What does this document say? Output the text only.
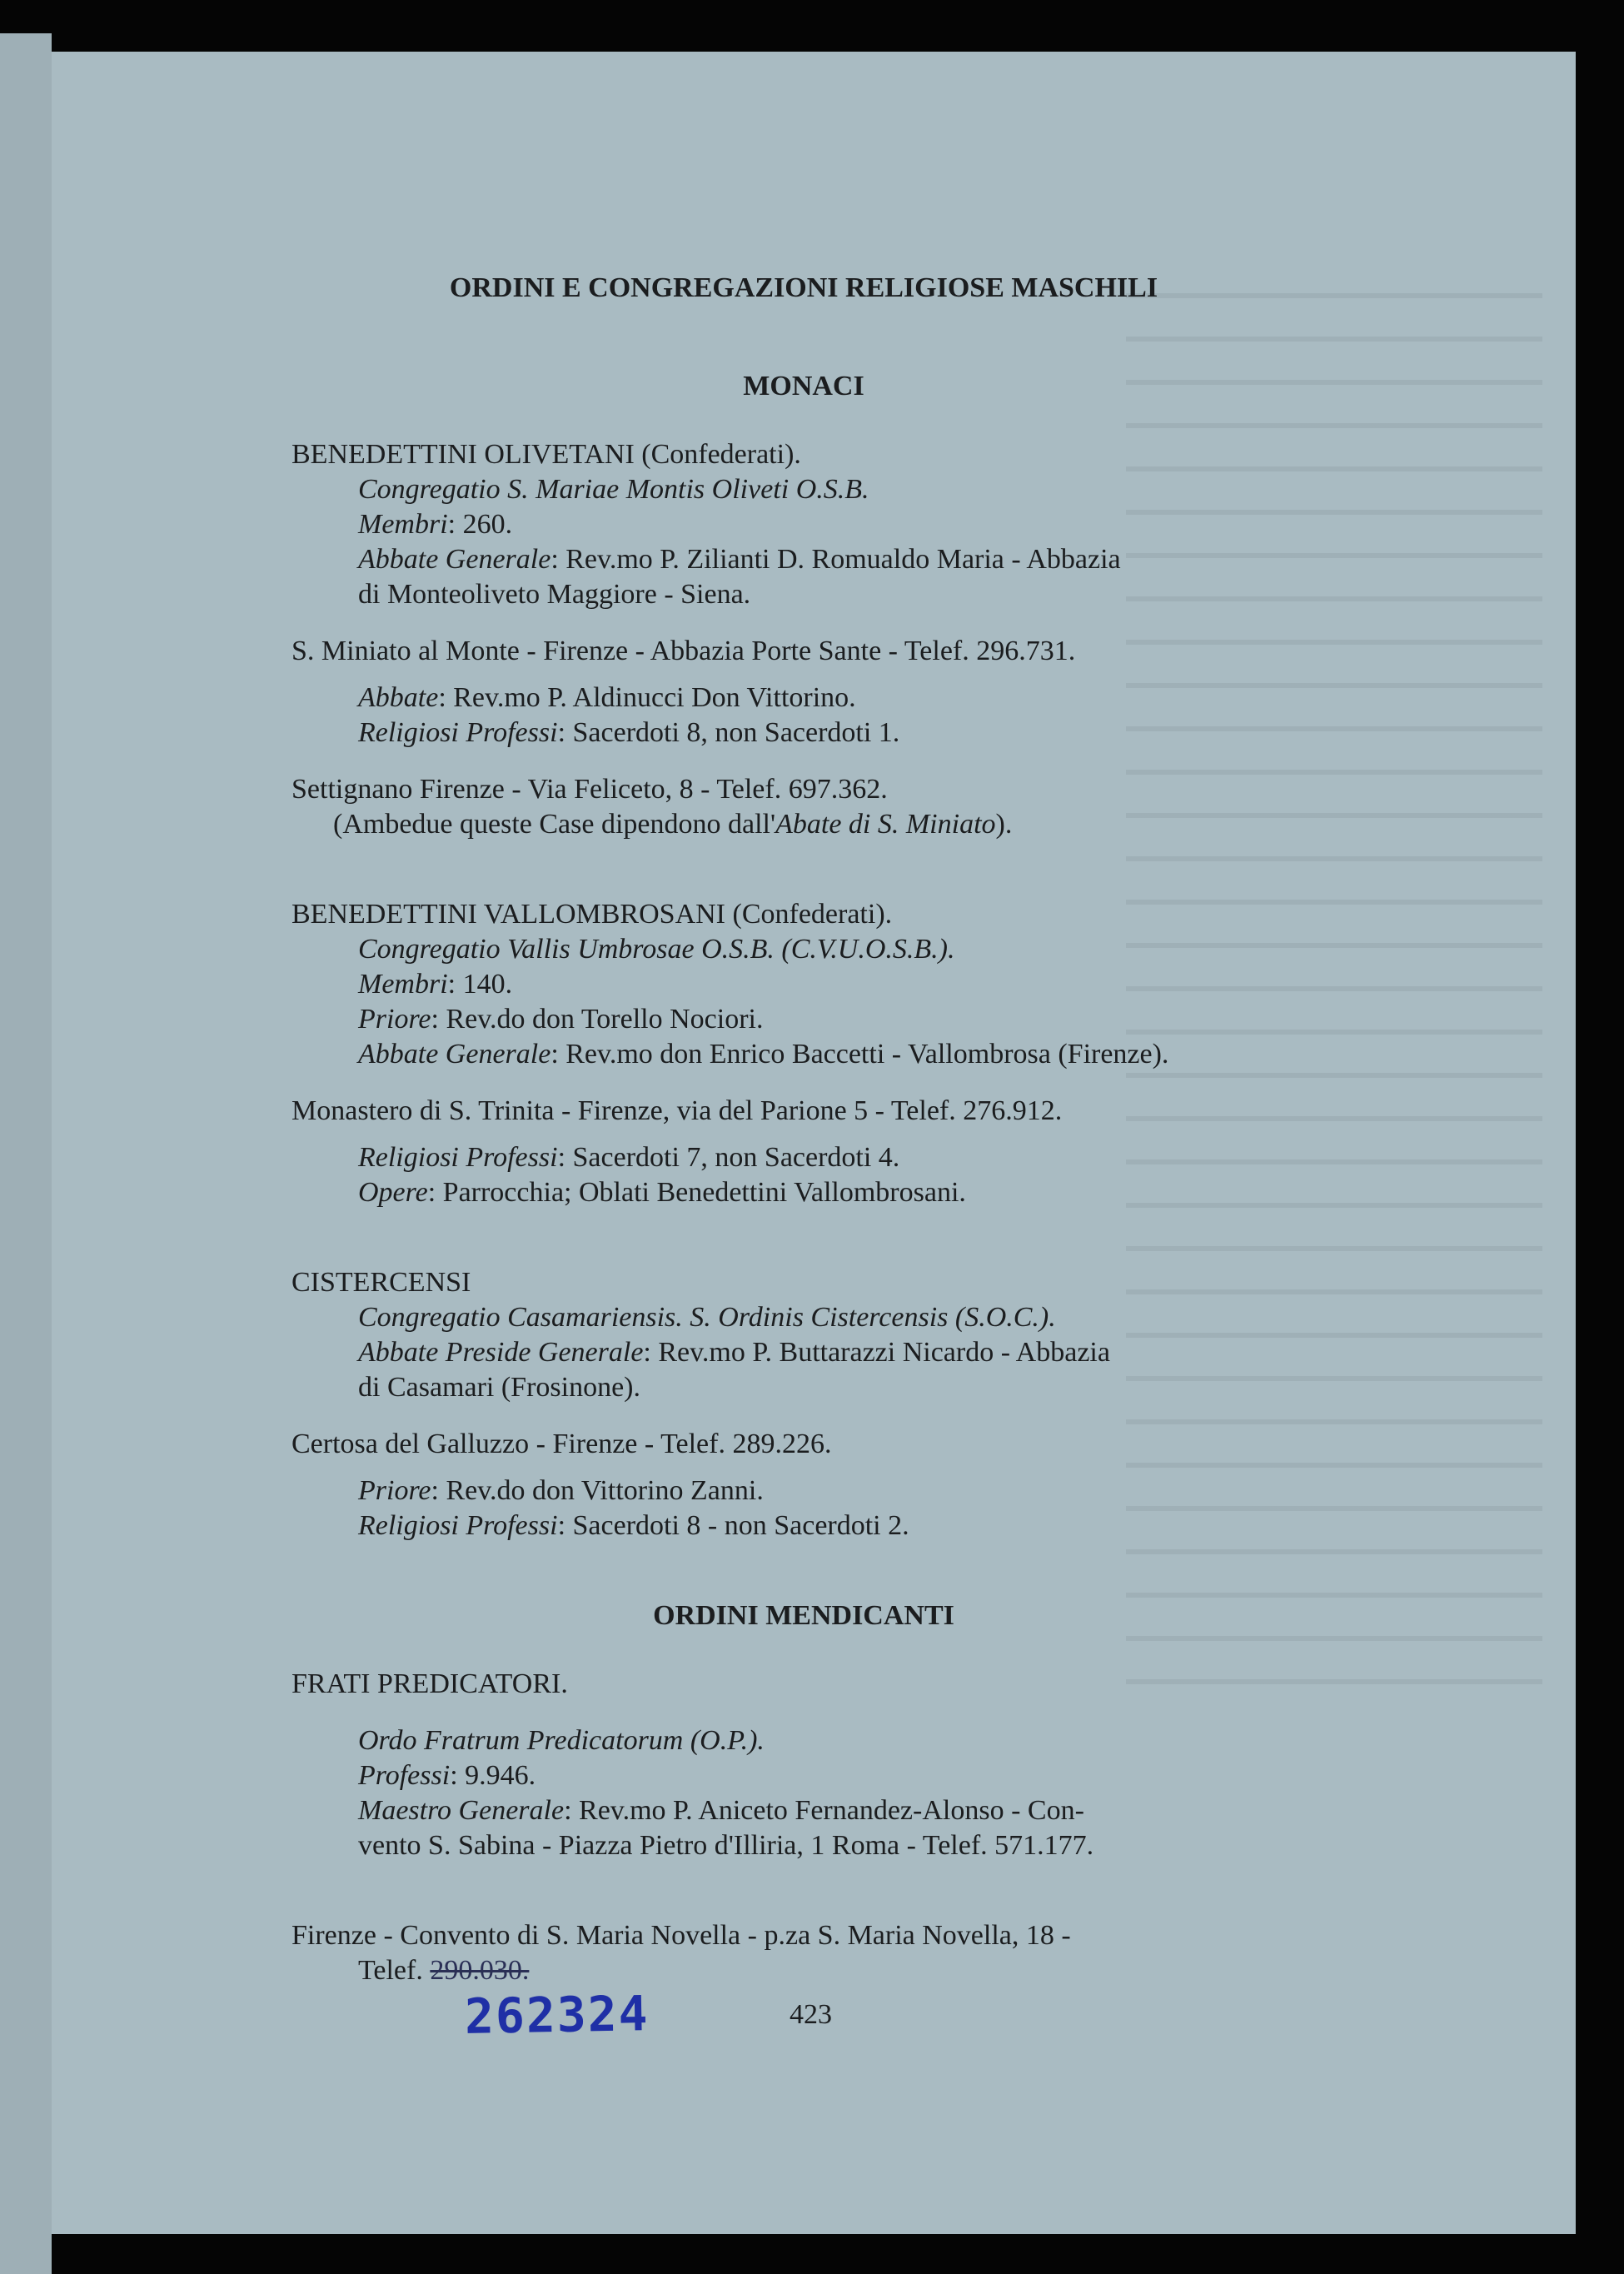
ORDINI E CONGREGAZIONI RELIGIOSE MASCHILI
MONACI
BENEDETTINI OLIVETANI (Confederati).
Congregatio S. Mariae Montis Oliveti O.S.B.
Membri: 260.
Abbate Generale: Rev.mo P. Zilianti D. Romualdo Maria - Abbazia
di Monteoliveto Maggiore - Siena.
S. Miniato al Monte - Firenze - Abbazia Porte Sante - Telef. 296.731.
Abbate: Rev.mo P. Aldinucci Don Vittorino.
Religiosi Professi: Sacerdoti 8, non Sacerdoti 1.
Settignano Firenze - Via Feliceto, 8 - Telef. 697.362.
(Ambedue queste Case dipendono dall'Abate di S. Miniato).
BENEDETTINI VALLOMBROSANI (Confederati).
Congregatio Vallis Umbrosae O.S.B. (C.V.U.O.S.B.).
Membri: 140.
Priore: Rev.do don Torello Nociori.
Abbate Generale: Rev.mo don Enrico Baccetti - Vallombrosa (Firenze).
Monastero di S. Trinita - Firenze, via del Parione 5 - Telef. 276.912.
Religiosi Professi: Sacerdoti 7, non Sacerdoti 4.
Opere: Parrocchia; Oblati Benedettini Vallombrosani.
CISTERCENSI
Congregatio Casamariensis. S. Ordinis Cistercensis (S.O.C.).
Abbate Preside Generale: Rev.mo P. Buttarazzi Nicardo - Abbazia
di Casamari (Frosinone).
Certosa del Galluzzo - Firenze - Telef. 289.226.
Priore: Rev.do don Vittorino Zanni.
Religiosi Professi: Sacerdoti 8 - non Sacerdoti 2.
ORDINI MENDICANTI
FRATI PREDICATORI.
Ordo Fratrum Predicatorum (O.P.).
Professi: 9.946.
Maestro Generale: Rev.mo P. Aniceto Fernandez-Alonso - Con-
vento S. Sabina - Piazza Pietro d'Illiria, 1 Roma - Telef. 571.177.
Firenze - Convento di S. Maria Novella - p.za S. Maria Novella, 18 -
Telef. 290.030.
262324	423
